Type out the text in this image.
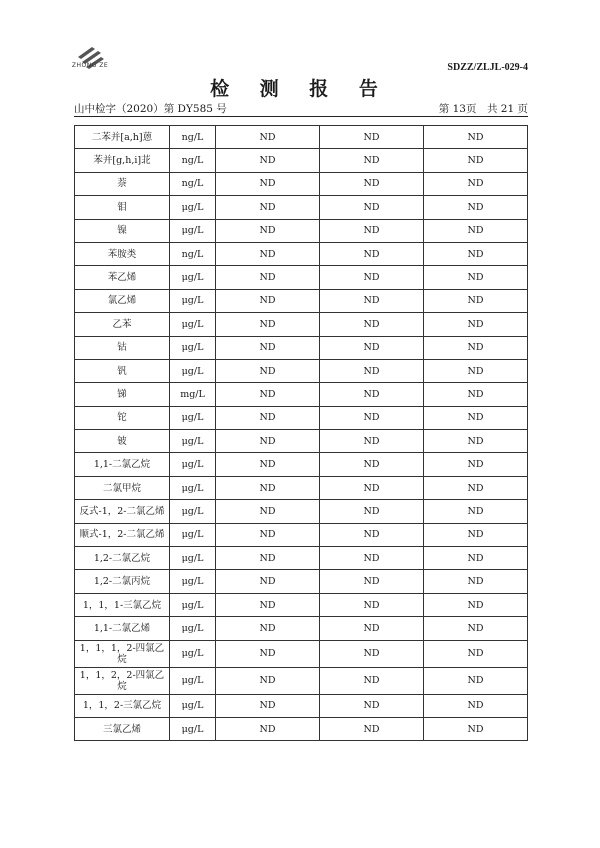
ZHONG ZE	SDZZ/ZLJL-029-4
检 测 报 告
山中检字（2020）第 DY585 号	第 13页　共 21 页
二苯并[a,h]蒽	ng/L	ND	ND	ND
苯并[g,h,i]苝	ng/L	ND	ND	ND
萘	ng/L	ND	ND	ND
钼	μg/L	ND	ND	ND
镍	μg/L	ND	ND	ND
苯胺类	ng/L	ND	ND	ND
苯乙烯	μg/L	ND	ND	ND
氯乙烯	μg/L	ND	ND	ND
乙苯	μg/L	ND	ND	ND
钴	μg/L	ND	ND	ND
钒	μg/L	ND	ND	ND
锑	mg/L	ND	ND	ND
铊	μg/L	ND	ND	ND
铍	μg/L	ND	ND	ND
1,1-二氯乙烷	μg/L	ND	ND	ND
二氯甲烷	μg/L	ND	ND	ND
反式-1，2-二氯乙烯	μg/L	ND	ND	ND
顺式-1，2-二氯乙烯	μg/L	ND	ND	ND
1,2-二氯乙烷	μg/L	ND	ND	ND
1,2-二氯丙烷	μg/L	ND	ND	ND
1，1，1-三氯乙烷	μg/L	ND	ND	ND
1,1-二氯乙烯	μg/L	ND	ND	ND
1，1，1，2-四氯乙烷	μg/L	ND	ND	ND
1，1，2，2-四氯乙烷	μg/L	ND	ND	ND
1，1，2-三氯乙烷	μg/L	ND	ND	ND
三氯乙烯	μg/L	ND	ND	ND
